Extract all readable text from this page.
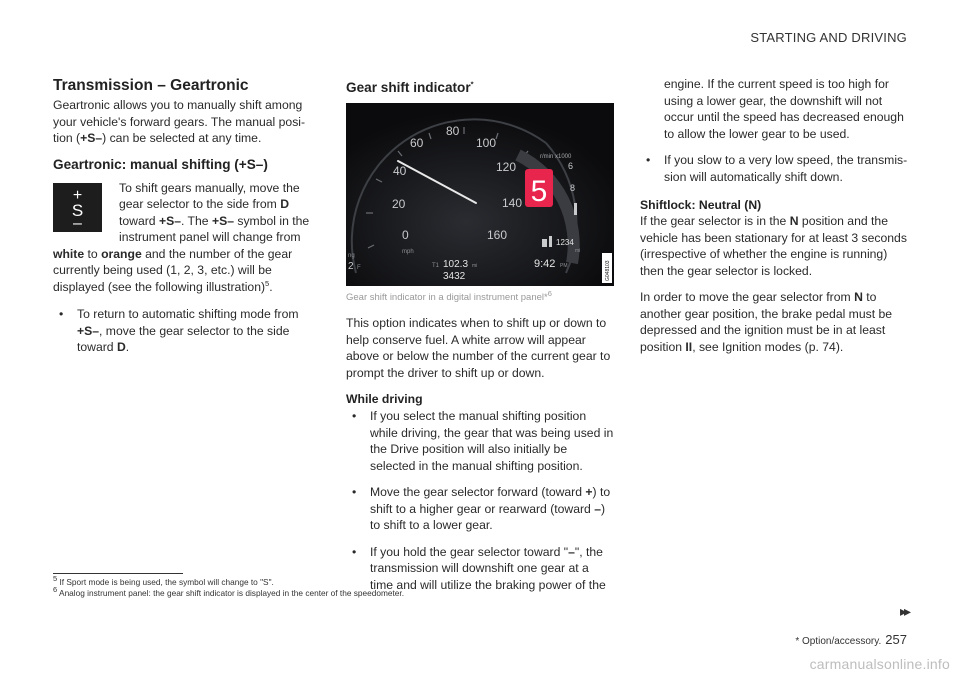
STARTING AND DRIVING
Transmission – Geartronic

Geartronic allows you to manually shift among your vehicle's forward gears. The manual posi-tion (+S–) can be selected at any time.

Geartronic: manual shifting (+S–)
+
S
–

To shift gears manually, move the gear selector to the side from D toward +S–. The +S– symbol in the instrument panel will change from white to orange and the number of the gear currently being used (1, 2, 3, etc.) will be displayed (see the following illustration)$^5$.

• To return to automatic shifting mode from +S–, move the gear selector to the side toward D.
Gear shift indicator*
0
20
40
60
80
100
120
140
160
mph
r/min x1000
6
8
5
ng
2 F	T1 102.3 mi
3432
1234
mi
9:42 PM	G048103

Gear shift indicator in a digital instrument panel*$^6$

This option indicates when to shift up or down to help conserve fuel. A white arrow will appear above or below the number of the current gear to prompt the driver to shift up or down.

While driving
• If you select the manual shifting position while driving, the gear that was being used in the Drive position will also initially be selected in the manual shifting position.
• Move the gear selector forward (toward +) to shift to a higher gear or rearward (toward –) to shift to a lower gear.
• If you hold the gear selector toward "–", the transmission will downshift one gear at a time and will utilize the braking power of the

engine. If the current speed is too high for using a lower gear, the downshift will not occur until the speed has decreased enough to allow the lower gear to be used.

• If you slow to a very low speed, the transmis-sion will automatically shift down.
Shiftlock: Neutral (N)

If the gear selector is in the N position and the vehicle has been stationary for at least 3 seconds (irrespective of whether the engine is running) then the gear selector is locked.

In order to move the gear selector from N to another gear position, the brake pedal must be depressed and the ignition must be in at least position II, see Ignition modes (p. 74).

$^5$ If Sport mode is being used, the symbol will change to "S".
$^6$ Analog instrument panel: the gear shift indicator is displayed in the center of the speedometer.
▸▸
* Option/accessory. 257
carmanualsonline.info
